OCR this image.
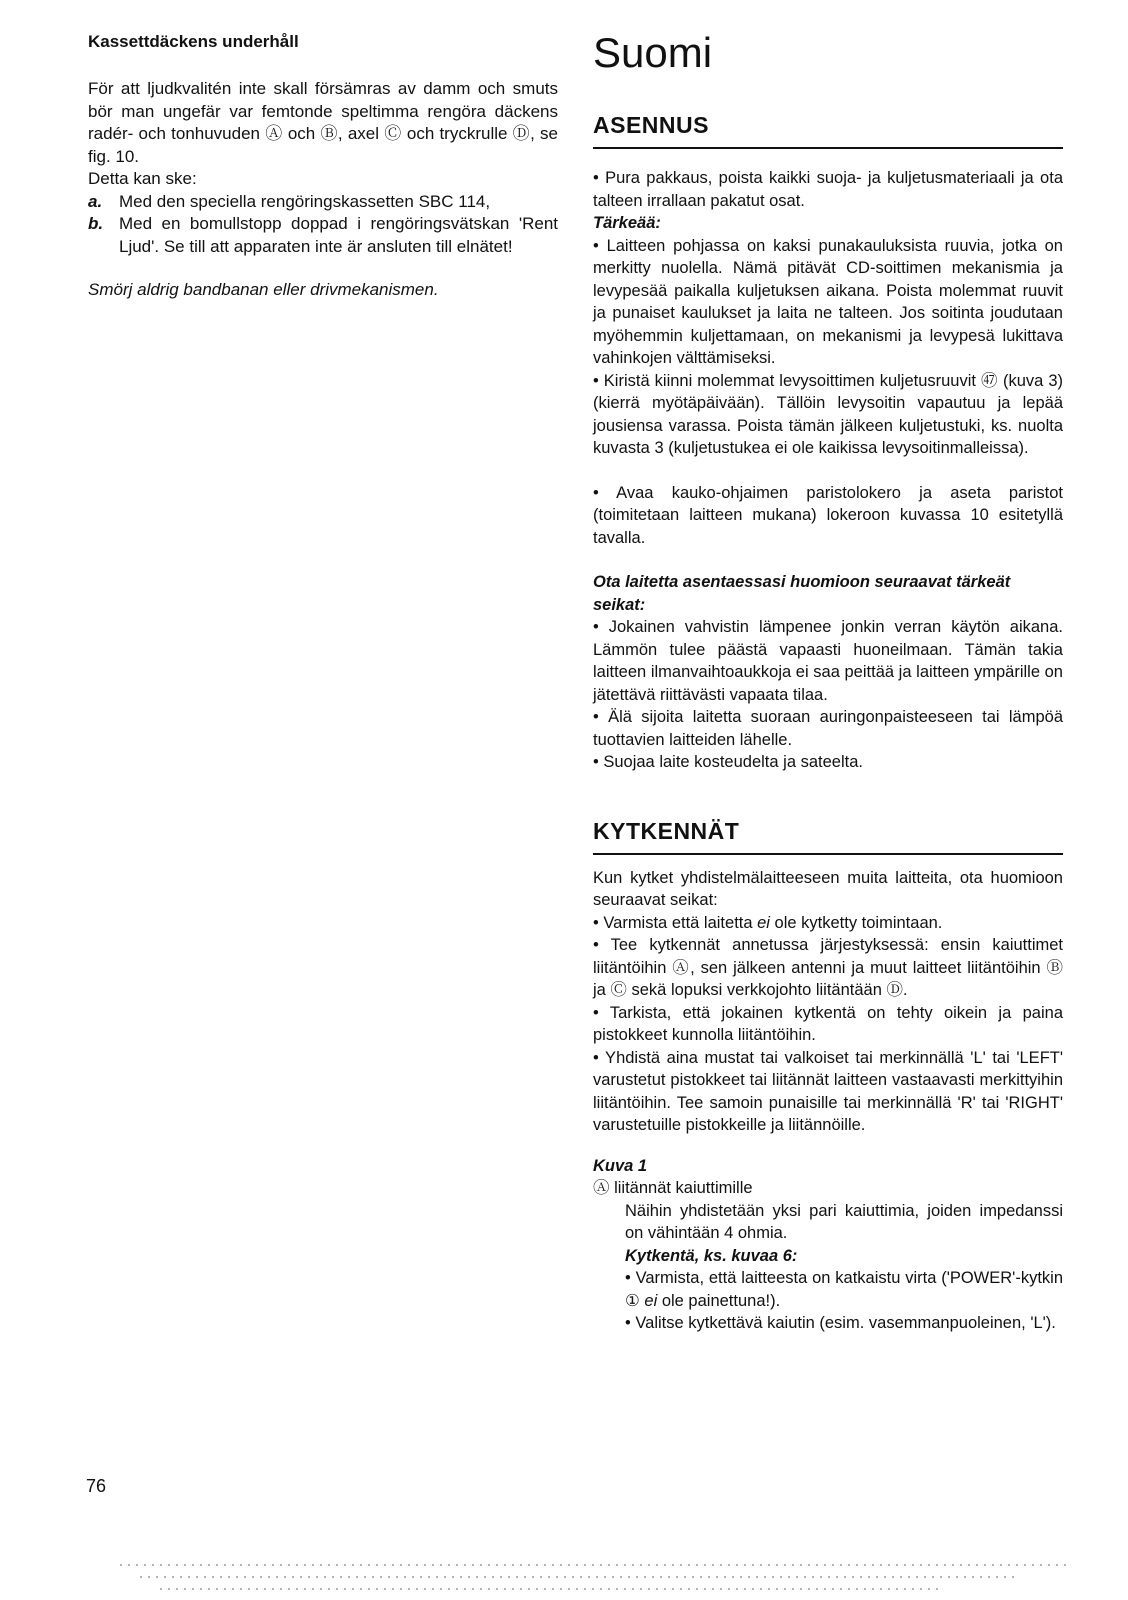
Kassettdäckens underhåll

För att ljudkvalitén inte skall försämras av damm och smuts bör man ungefär var femtonde speltimma rengöra däckens radér- och tonhuvuden Ⓐ och Ⓑ, axel Ⓒ och tryckrulle Ⓓ, se fig. 10.

Detta kan ske:

a. Med den speciella rengöringskassetten SBC 114,
b. Med en bomullstopp doppad i rengöringsvätskan 'Rent Ljud'. Se till att apparaten inte är ansluten till elnätet!
Smörj aldrig bandbanan eller drivmekanismen.
Suomi
ASENNUS

• Pura pakkaus, poista kaikki suoja- ja kuljetusmateriaali ja ota talteen irrallaan pakatut osat.

Tärkeää:

• Laitteen pohjassa on kaksi punakauluksista ruuvia, jotka on merkitty nuolella. Nämä pitävät CD-soittimen mekanismia ja levypesää paikalla kuljetuksen aikana. Poista molemmat ruuvit ja punaiset kaulukset ja laita ne talteen. Jos soitinta joudutaan myöhemmin kuljettamaan, on mekanismi ja levypesä lukittava vahinkojen välttämiseksi.

• Kiristä kiinni molemmat levysoittimen kuljetusruuvit ㊼ (kuva 3) (kierrä myötäpäivään). Tällöin levysoitin vapautuu ja lepää jousiensa varassa. Poista tämän jälkeen kuljetustuki, ks. nuolta kuvasta 3 (kuljetustukea ei ole kaikissa levysoitinmalleissa).

• Avaa kauko-ohjaimen paristolokero ja aseta paristot (toimitetaan laitteen mukana) lokeroon kuvassa 10 esitetyllä tavalla.

Ota laitetta asentaessasi huomioon seuraavat tärkeät seikat:

• Jokainen vahvistin lämpenee jonkin verran käytön aikana. Lämmön tulee päästä vapaasti huoneilmaan. Tämän takia laitteen ilmanvaihtoaukkoja ei saa peittää ja laitteen ympärille on jätettävä riittävästi vapaata tilaa.

• Älä sijoita laitetta suoraan auringonpaisteeseen tai lämpöä tuottavien laitteiden lähelle.

• Suojaa laite kosteudelta ja sateelta.

KYTKENNÄT

Kun kytket yhdistelmälaitteeseen muita laitteita, ota huomioon seuraavat seikat:

• Varmista että laitetta ei ole kytketty toimintaan.

• Tee kytkennät annetussa järjestyksessä: ensin kaiuttimet liitäntöihin Ⓐ, sen jälkeen antenni ja muut laitteet liitäntöihin Ⓑ ja Ⓒ sekä lopuksi verkkojohto liitäntään Ⓓ.

• Tarkista, että jokainen kytkentä on tehty oikein ja paina pistokkeet kunnolla liitäntöihin.

• Yhdistä aina mustat tai valkoiset tai merkinnällä 'L' tai 'LEFT' varustetut pistokkeet tai liitännät laitteen vastaavasti merkittyihin liitäntöihin. Tee samoin punaisille tai merkinnällä 'R' tai 'RIGHT' varustetuille pistokkeille ja liitännöille.

Kuva 1

Ⓐ liitännät kaiuttimille

Näihin yhdistetään yksi pari kaiuttimia, joiden impedanssi on vähintään 4 ohmia.

Kytkentä, ks. kuvaa 6:

• Varmista, että laitteesta on katkaistu virta ('POWER'-kytkin ① ei ole painettuna!).

• Valitse kytkettävä kaiutin (esim. vasemmanpuoleinen, 'L').

76
